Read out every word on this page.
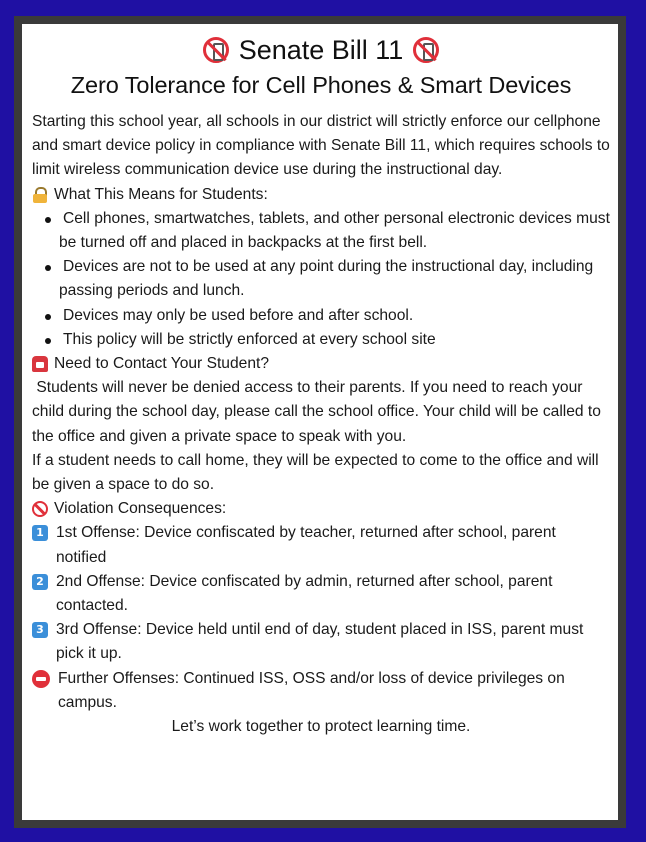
Senate Bill 11
Zero Tolerance for Cell Phones & Smart Devices

Starting this school year, all schools in our district will strictly enforce our cellphone and smart device policy in compliance with Senate Bill 11, which requires schools to limit wireless communication device use during the instructional day.

What This Means for Students:
Cell phones, smartwatches, tablets, and other personal electronic devices must be turned off and placed in backpacks at the first bell.
Devices are not to be used at any point during the instructional day, including passing periods and lunch.
Devices may only be used before and after school.
This policy will be strictly enforced at every school site
Need to Contact Your Student?

Students will never be denied access to their parents. If you need to reach your child during the school day, please call the school office. Your child will be called to the office and given a private space to speak with you.

If a student needs to call home, they will be expected to come to the office and will be given a space to do so.

Violation Consequences:
1 1st Offense: Device confiscated by teacher, returned after school, parent notified
2 2nd Offense: Device confiscated by admin, returned after school, parent contacted.
3 3rd Offense: Device held until end of day, student placed in ISS, parent must pick it up.
Further Offenses: Continued ISS, OSS and/or loss of device privileges on campus.

Let’s work together to protect learning time.
